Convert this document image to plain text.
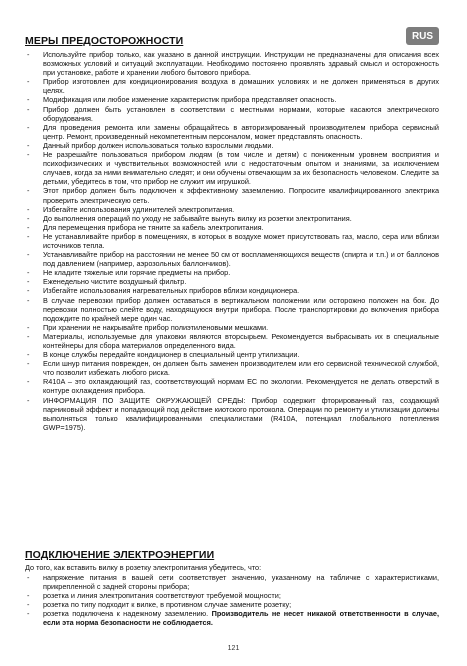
RUS
МЕРЫ ПРЕДОСТОРОЖНОСТИ
- Используйте прибор только, как указано в данной инструкции. Инструкции не предназначены для описания всех возможных условий и ситуаций эксплуатации. Необходимо постоянно проявлять здравый смысл и осторожность при установке, работе и хранении любого бытового прибора.
- Прибор изготовлен для кондиционирования воздуха в домашних условиях и не должен применяться в других целях.
- Модификация или любое изменение характеристик прибора представляет опасность.
- Прибор должен быть установлен в соответствии с местными нормами, которые касаются электрического оборудования.
- Для проведения ремонта или замены обращайтесь в авторизированный производителем прибора сервисный центр. Ремонт, произведенный некомпетентным персоналом, может представлять опасность.
- Данный прибор должен использоваться только взрослыми людьми.
- Не разрешайте пользоваться прибором людям (в том числе и детям) с пониженным уровнем восприятия и психофизических и чувствительных возможностей или с недостаточным опытом и знаниями, за исключением случаев, когда за ними внимательно следят; и они обучены отвечающим за их безопасность человеком. Следите за детьми, убедитесь в том, что прибор не служит им игрушкой.
- Этот прибор должен быть подключен к эффективному заземлению. Попросите квалифицированного электрика проверить электрическую сеть.
- Избегайте использования удлинителей электропитания.
- До выполнения операций по уходу не забывайте вынуть вилку из розетки электропитания.
- Для перемещения прибора не тяните за кабель электропитания.
- Не устанавливайте прибор в помещениях, в которых в воздухе может присутствовать газ, масло, сера или вблизи источников тепла.
- Устанавливайте прибор на расстоянии не менее 50 см от воспламеняющихся веществ (спирта и т.п.) и от баллонов под давлением (например, аэрозольных баллончиков).
- Не кладите тяжелые или горячие предметы на прибор.
- Еженедельно чистите воздушный фильтр.
- Избегайте использования нагревательных приборов вблизи кондиционера.
- В случае перевозки прибор должен оставаться в вертикальном положении или осторожно положен на бок. До перевозки полностью слейте воду, находящуюся внутри прибора. После транспортировки до включения прибора подождите по крайней мере один час.
- При хранении не накрывайте прибор полиэтиленовыми мешками.
- Материалы, используемые для упаковки являются вторсырьем. Рекомендуется выбрасывать их в специальные контейнеры для сбора материалов определенного вида.
- В конце службы передайте кондиционер в специальный центр утилизации.
- Если шнур питания поврежден, он должен быть заменен производителем или его сервисной технической службой, что позволит избежать любого риска.
- R410A – это охлаждающий газ, соответствующий нормам ЕС по экологии. Рекомендуется не делать отверстий в контуре охлаждения прибора.
- ИНФОРМАЦИЯ ПО ЗАЩИТЕ ОКРУЖАЮЩЕЙ СРЕДЫ: Прибор содержит фторированный газ, создающий парниковый эффект и попадающий под действие киотского протокола. Операции по ремонту и утилизации должны выполняться только квалифицированными специалистами (R410A, потенциал глобального потепления GWP=1975).
ПОДКЛЮЧЕНИЕ ЭЛЕКТРОЭНЕРГИИ

До того, как вставить вилку в розетку электропитания убедитесь, что:

- напряжение питания в вашей сети соответствует значению, указанному на табличке с характеристиками, прикрепленной с задней стороны прибора;
- розетка и линия электропитания соответствуют требуемой мощности;
- розетка по типу подходит к вилке, в противном случае замените розетку;
- розетка подключена к надежному заземлению. Производитель не несет никакой ответственности в случае, если эта норма безопасности не соблюдается.
121
